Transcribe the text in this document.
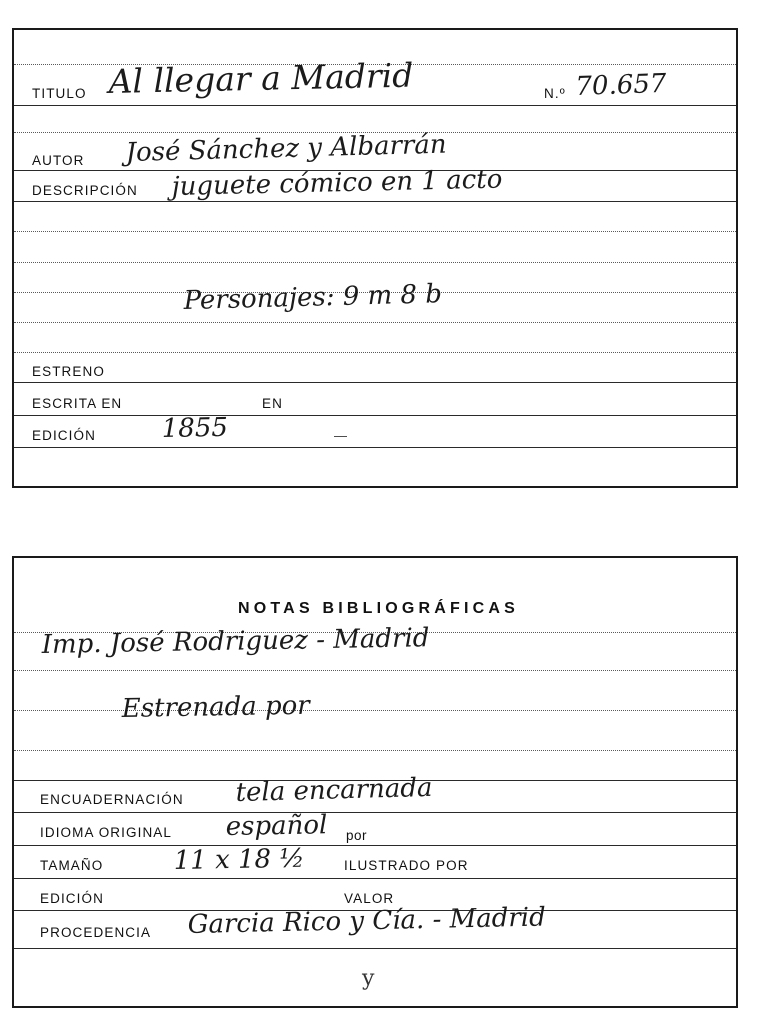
TITULO Al llegar a Madrid	N.º 70.657
AUTOR José Sánchez y Albarrán
DESCRIPCIÓN juguete cómico en 1 acto
Personajes: 9 m 8 b
ESTRENO
ESCRITA EN	EN
EDICIÓN	1855	—
NOTAS BIBLIOGRÁFICAS
Imp. José Rodriguez - Madrid
Estrenada por
ENCUADERNACIÓN tela encarnada
IDIOMA ORIGINAL español por
TAMAÑO	11 x 18 ½	ILUSTRADO POR
EDICIÓN	VALOR
PROCEDENCIA Garcia Rico y Cía. - Madrid
y
